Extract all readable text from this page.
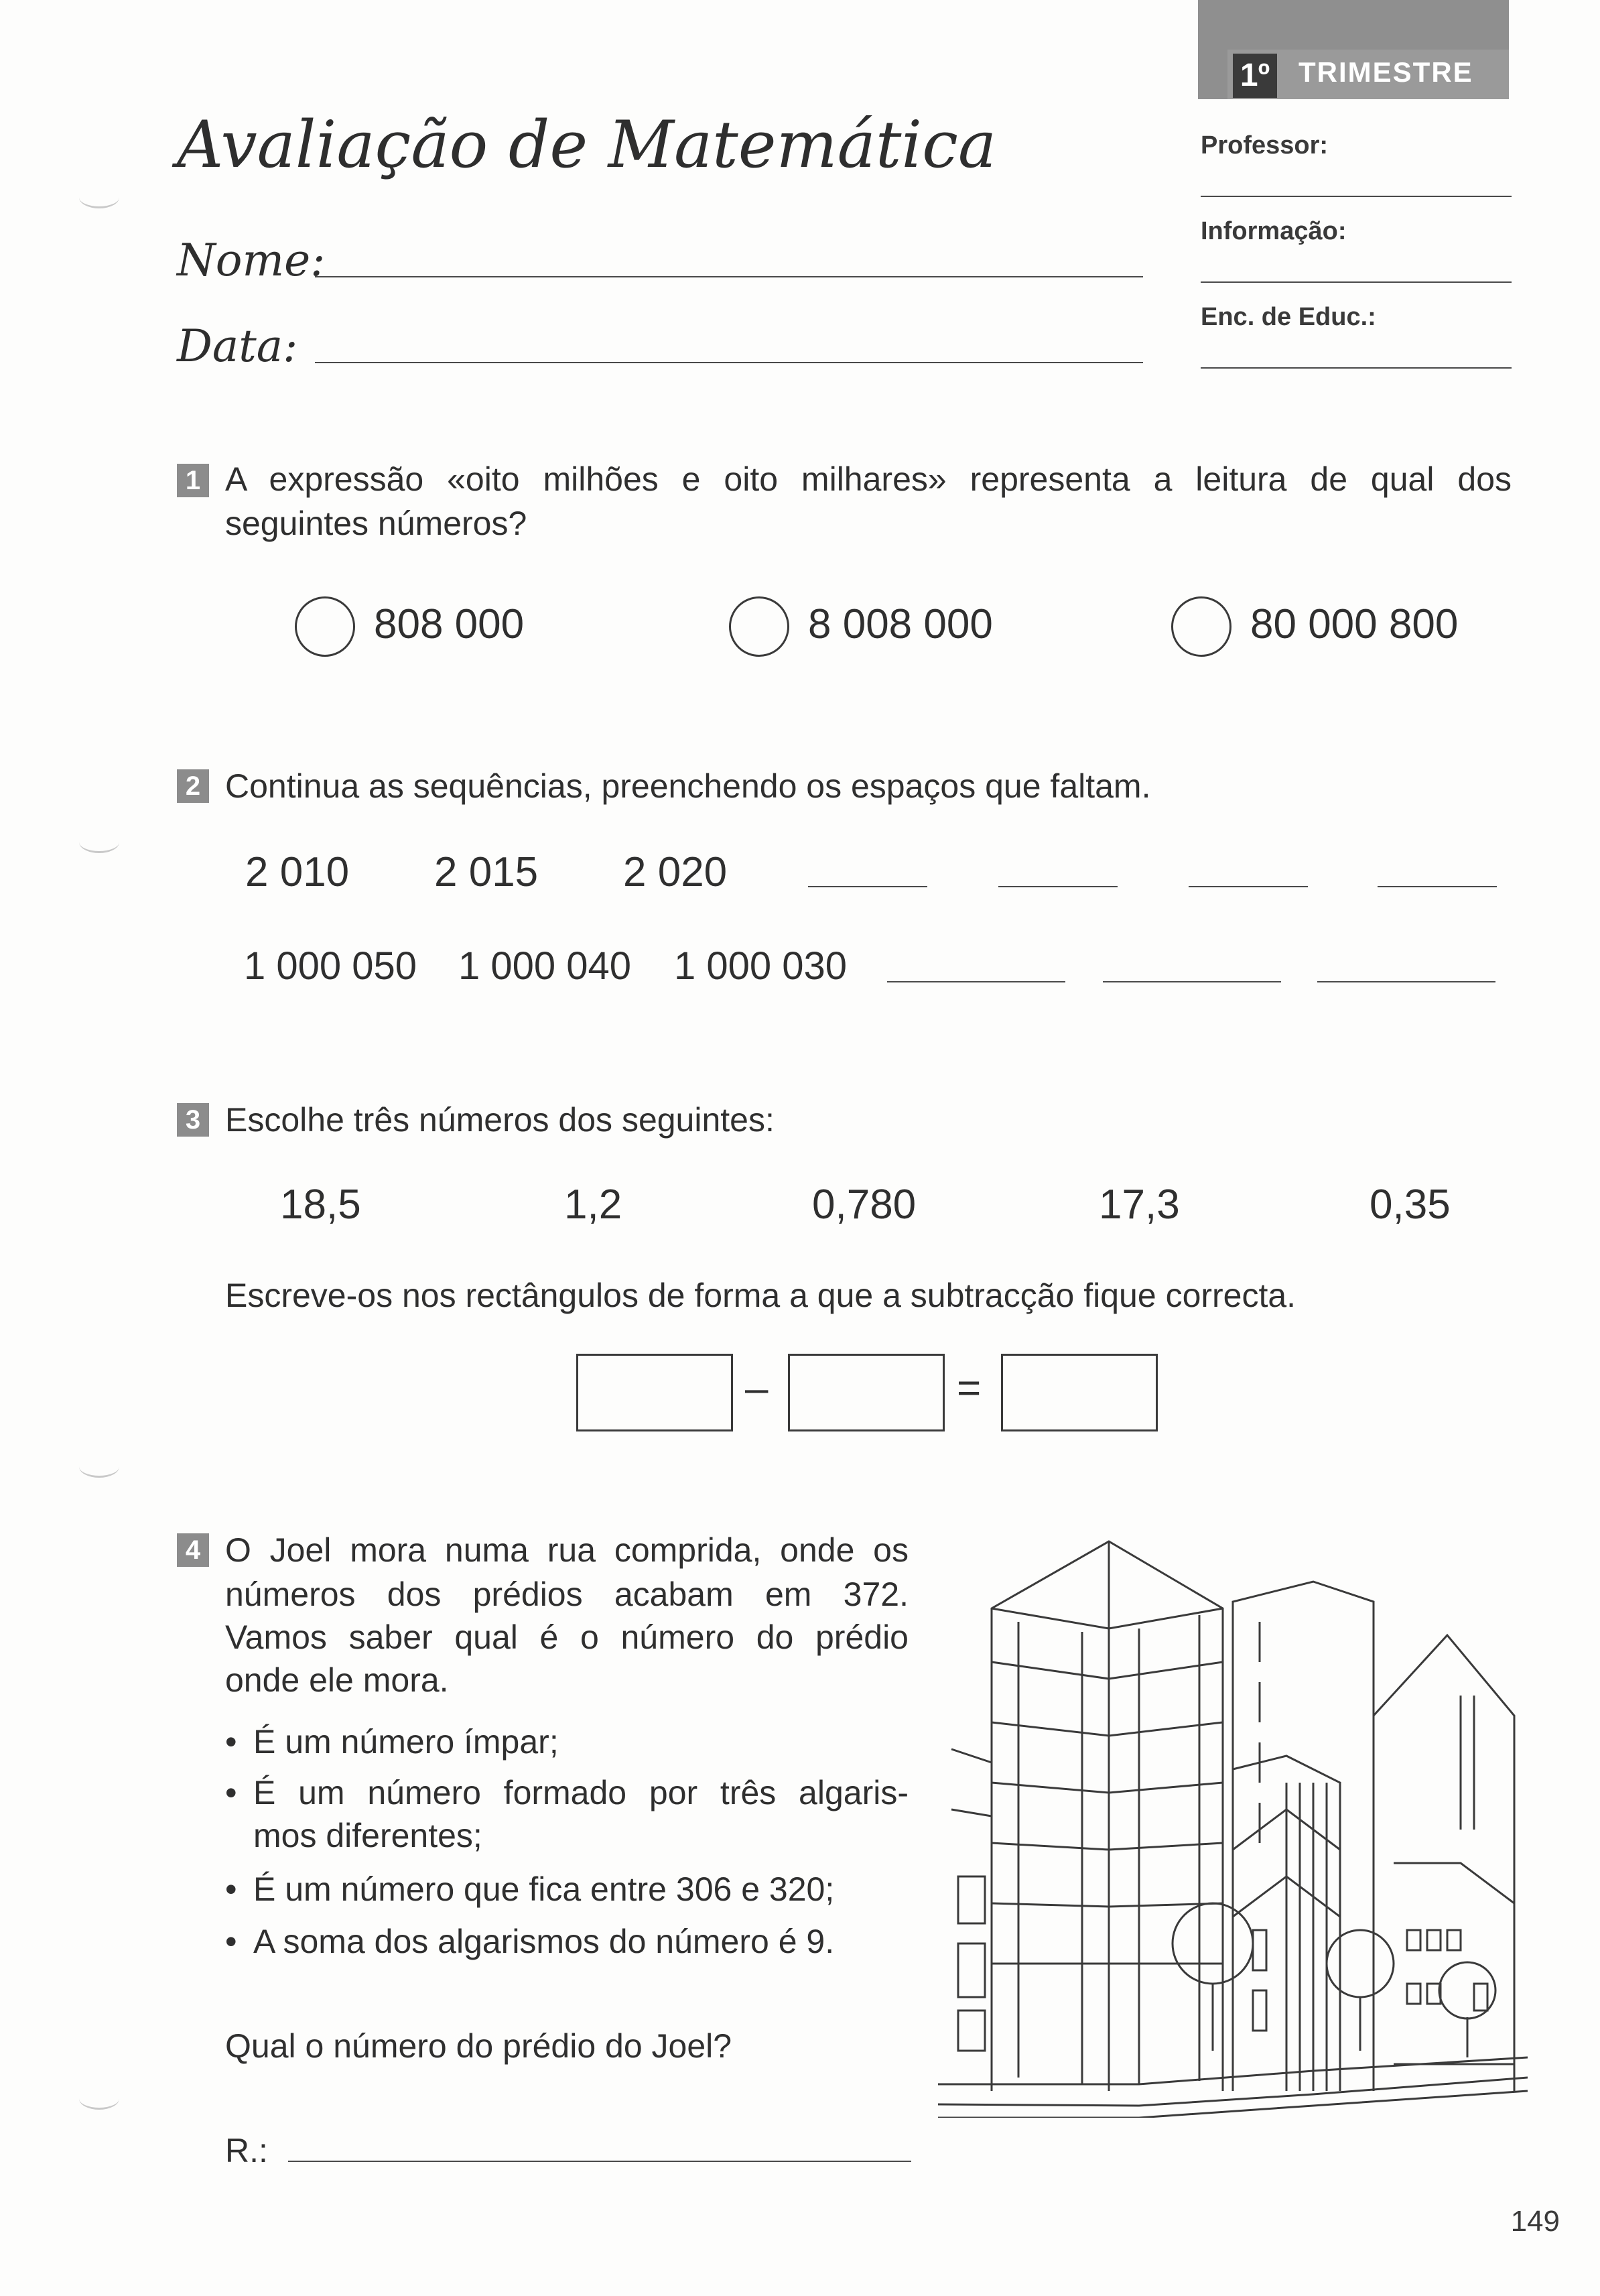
1º TRIMESTRE
Avaliação de Matemática
Nome:
Data:
Professor:
Informação:
Enc. de Educ.:
1 A expressão «oito milhões e oito milhares» representa a leitura de qual dos
seguintes números?
808 000	8 008 000	80 000 800
2 Continua as sequências, preenchendo os espaços que faltam.
2 010 2 015 2 020
1 000 050 1 000 040 1 000 030
3 Escolhe três números dos seguintes:
18,5	1,2	0,780	17,3	0,35
Escreve-os nos rectângulos de forma a que a subtracção fique correcta.
–	=
4 O Joel mora numa rua comprida, onde os
números dos prédios acabam em 372.
Vamos saber qual é o número do prédio
onde ele mora.
• É um número ímpar;
• É um número formado por três algaris-
mos diferentes;
• É um número que fica entre 306 e 320;
• A soma dos algarismos do número é 9.
Qual o número do prédio do Joel?
R.:
149
